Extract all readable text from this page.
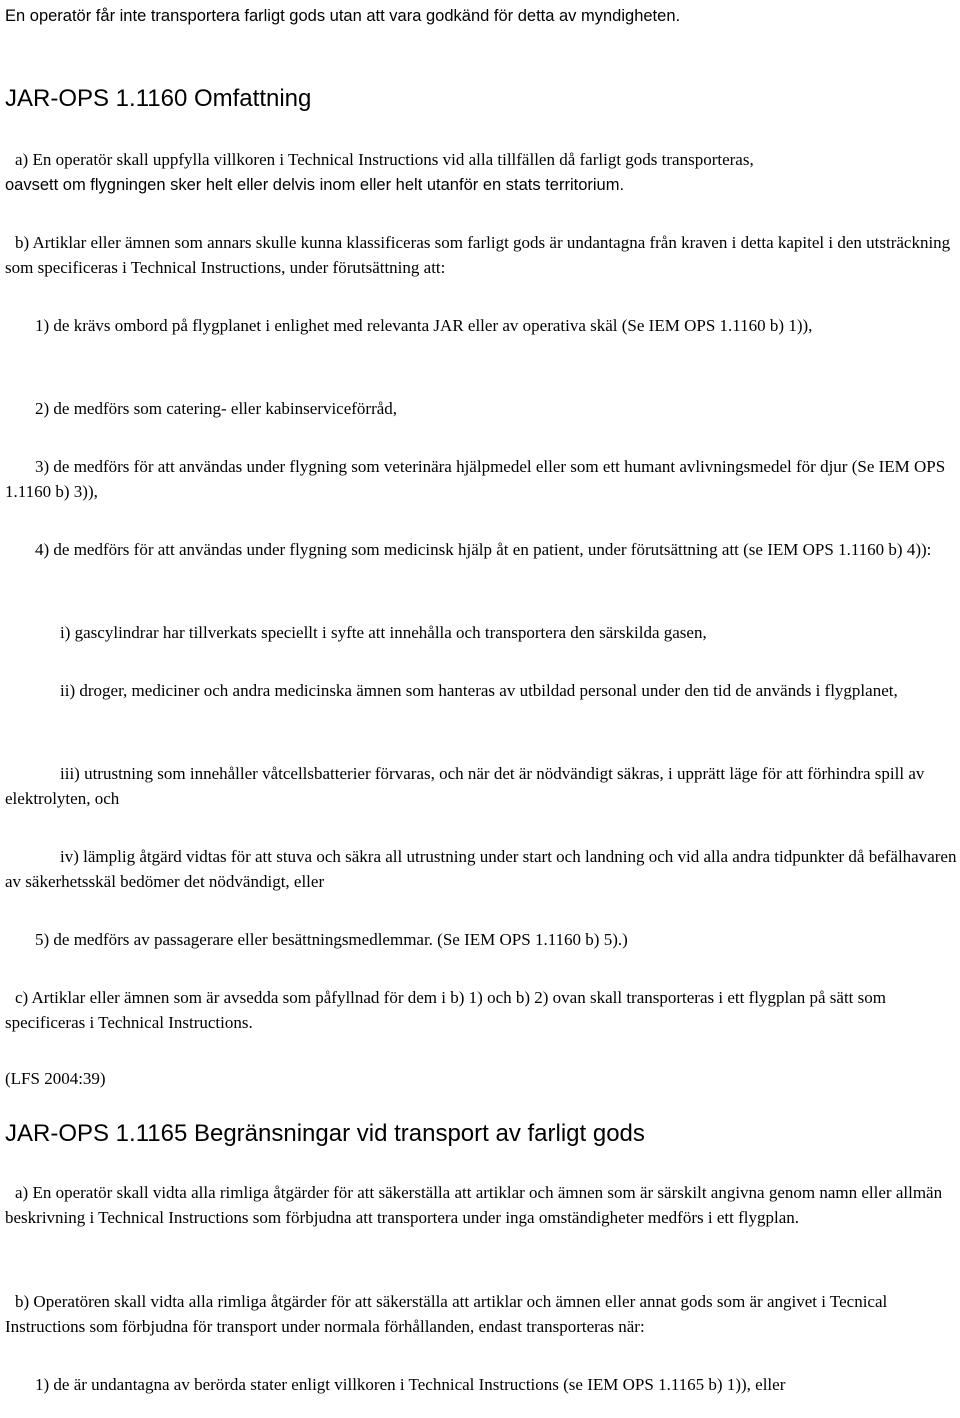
En operatör får inte transportera farligt gods utan att vara godkänd för detta av myndigheten.

JAR-OPS 1.1160 Omfattning

a) En operatör skall uppfylla villkoren i Technical Instructions vid alla tillfällen då farligt gods transporteras,
oavsett om flygningen sker helt eller delvis inom eller helt utanför en stats territorium.

b) Artiklar eller ämnen som annars skulle kunna klassificeras som farligt gods är undantagna från kraven i detta kapitel i den utsträckning som specificeras i Technical Instructions, under förutsättning att:

1) de krävs ombord på flygplanet i enlighet med relevanta JAR eller av operativa skäl (Se IEM OPS 1.1160 b) 1)),

2) de medförs som catering- eller kabinserviceförråd,

3) de medförs för att användas under flygning som veterinära hjälpmedel eller som ett humant avlivningsmedel för djur (Se IEM OPS 1.1160 b) 3)),

4) de medförs för att användas under flygning som medicinsk hjälp åt en patient, under förutsättning att (se IEM OPS 1.1160 b) 4)):

i) gascylindrar har tillverkats speciellt i syfte att innehålla och transportera den särskilda gasen,

ii) droger, mediciner och andra medicinska ämnen som hanteras av utbildad personal under den tid de används i flygplanet,

iii) utrustning som innehåller våtcellsbatterier förvaras, och när det är nödvändigt säkras, i upprätt läge för att förhindra spill av elektrolyten, och

iv) lämplig åtgärd vidtas för att stuva och säkra all utrustning under start och landning och vid alla andra tidpunkter då befälhavaren av säkerhetsskäl bedömer det nödvändigt, eller

5) de medförs av passagerare eller besättningsmedlemmar. (Se IEM OPS 1.1160 b) 5).)

c) Artiklar eller ämnen som är avsedda som påfyllnad för dem i b) 1) och b) 2) ovan skall transporteras i ett flygplan på sätt som specificeras i Technical Instructions.

(LFS 2004:39)

JAR-OPS 1.1165 Begränsningar vid transport av farligt gods

a) En operatör skall vidta alla rimliga åtgärder för att säkerställa att artiklar och ämnen som är särskilt angivna genom namn eller allmän beskrivning i Technical Instructions som förbjudna att transportera under inga omständigheter medförs i ett flygplan.

b) Operatören skall vidta alla rimliga åtgärder för att säkerställa att artiklar och ämnen eller annat gods som är angivet i Tecnical Instructions som förbjudna för transport under normala förhållanden, endast transporteras när:

1) de är undantagna av berörda stater enligt villkoren i Technical Instructions (se IEM OPS 1.1165 b) 1)), eller
